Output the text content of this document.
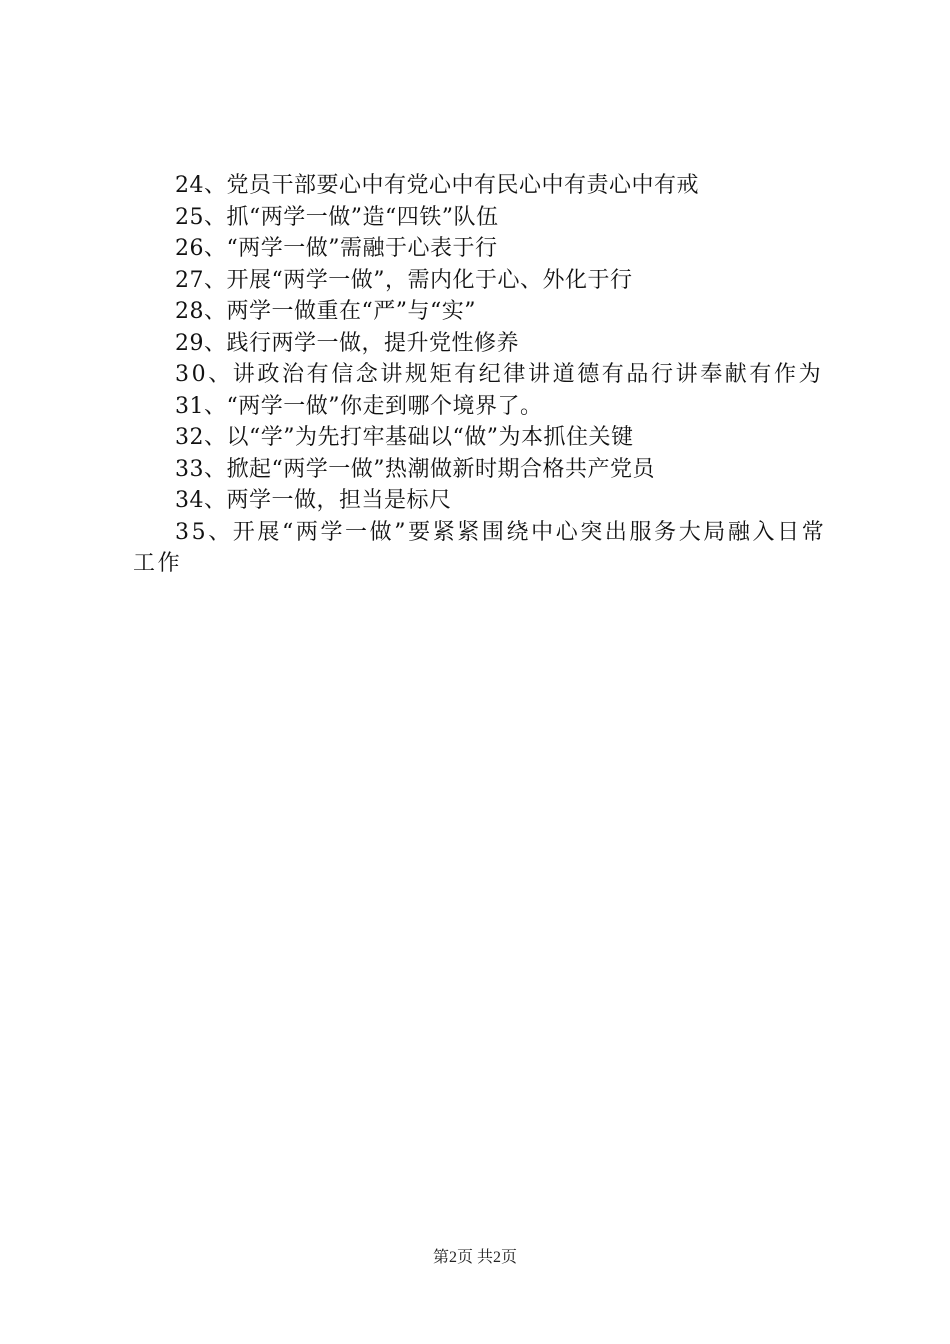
24、党员干部要心中有党心中有民心中有责心中有戒
25、抓“两学一做”造“四铁”队伍
26、“两学一做”需融于心表于行
27、开展“两学一做”，需内化于心、外化于行
28、两学一做重在“严”与“实”
29、践行两学一做，提升党性修养
30、讲政治有信念讲规矩有纪律讲道德有品行讲奉献有作为
31、“两学一做”你走到哪个境界了。
32、以“学”为先打牢基础以“做”为本抓住关键
33、掀起“两学一做”热潮做新时期合格共产党员
34、两学一做，担当是标尺
35、开展“两学一做”要紧紧围绕中心突出服务大局融入日常工作
第2页 共2页
